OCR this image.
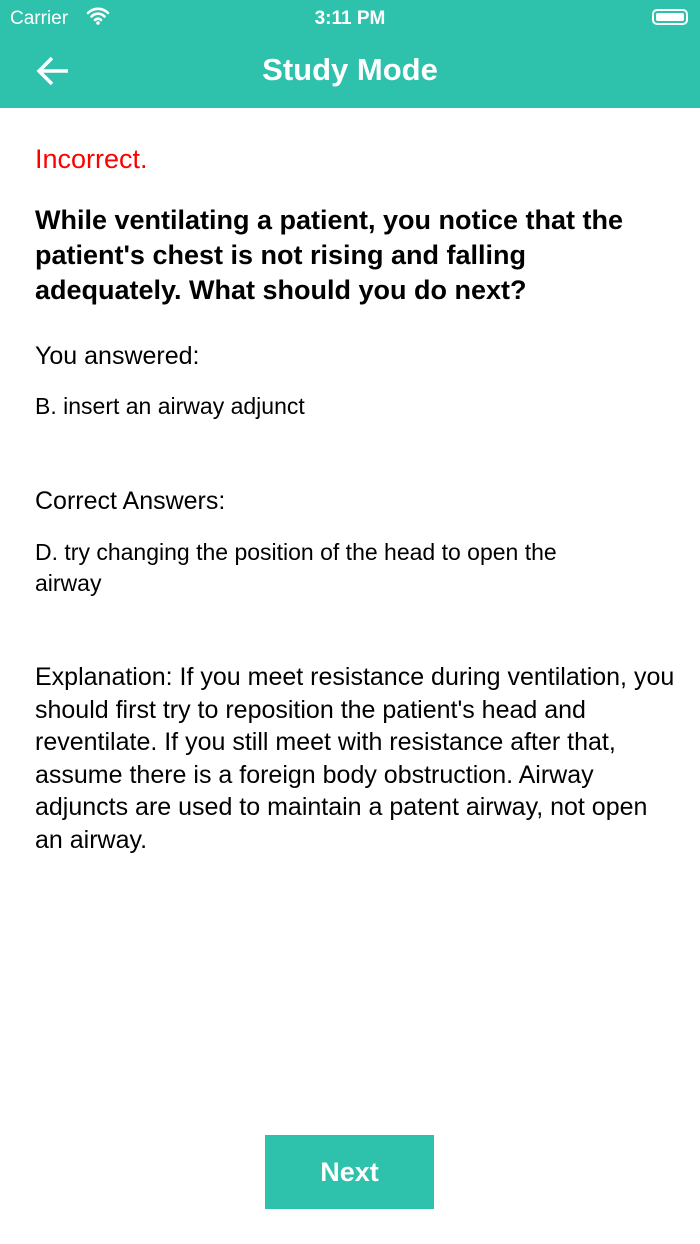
Carrier	3:11 PM
Study Mode
Incorrect.
While ventilating a patient, you notice that the patient's chest is not rising and falling adequately. What should you do next?
You answered:
B. insert an airway adjunct
Correct Answers:
D. try changing the position of the head to open the airway
Explanation: If you meet resistance during ventilation, you should first try to reposition the patient's head and reventilate. If you still meet with resistance after that, assume there is a foreign body obstruction. Airway adjuncts are used to maintain a patent airway, not open an airway.
Next
